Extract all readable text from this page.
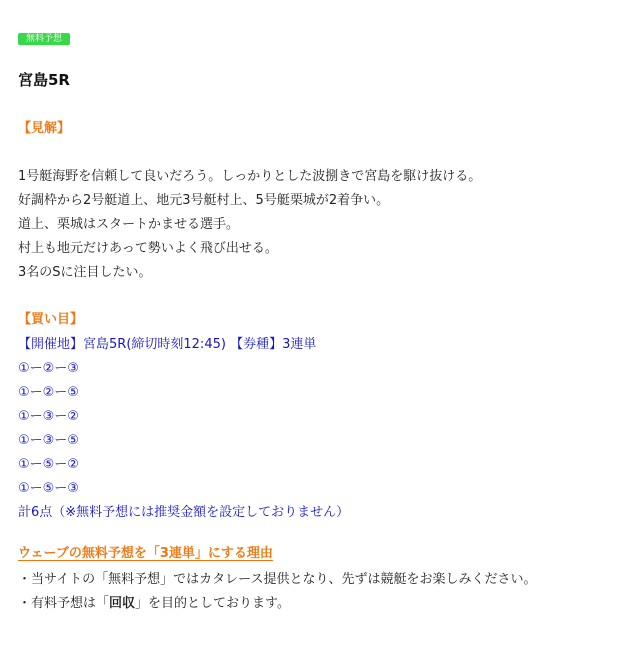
無料予想
宮島5R
【見解】
1号艇海野を信頼して良いだろう。しっかりとした波捌きで宮島を駆け抜ける。
好調枠から2号艇道上、地元3号艇村上、5号艇栗城が2着争い。
道上、栗城はスタートかませる選手。
村上も地元だけあって勢いよく飛び出せる。
3名のSに注目したい。
【買い目】
【開催地】宮島5R(締切時刻12:45) 【券種】3連単
①ー②ー③
①ー②ー⑤
①ー③ー②
①ー③ー⑤
①ー⑤ー②
①ー⑤ー③
計6点（※無料予想には推奨金額を設定しておりません）
ウェーブの無料予想を「3連単」にする理由
・当サイトの「無料予想」ではカタレース提供となり、先ずは競艇をお楽しみください。
・有料予想は「回収」を目的としております。
